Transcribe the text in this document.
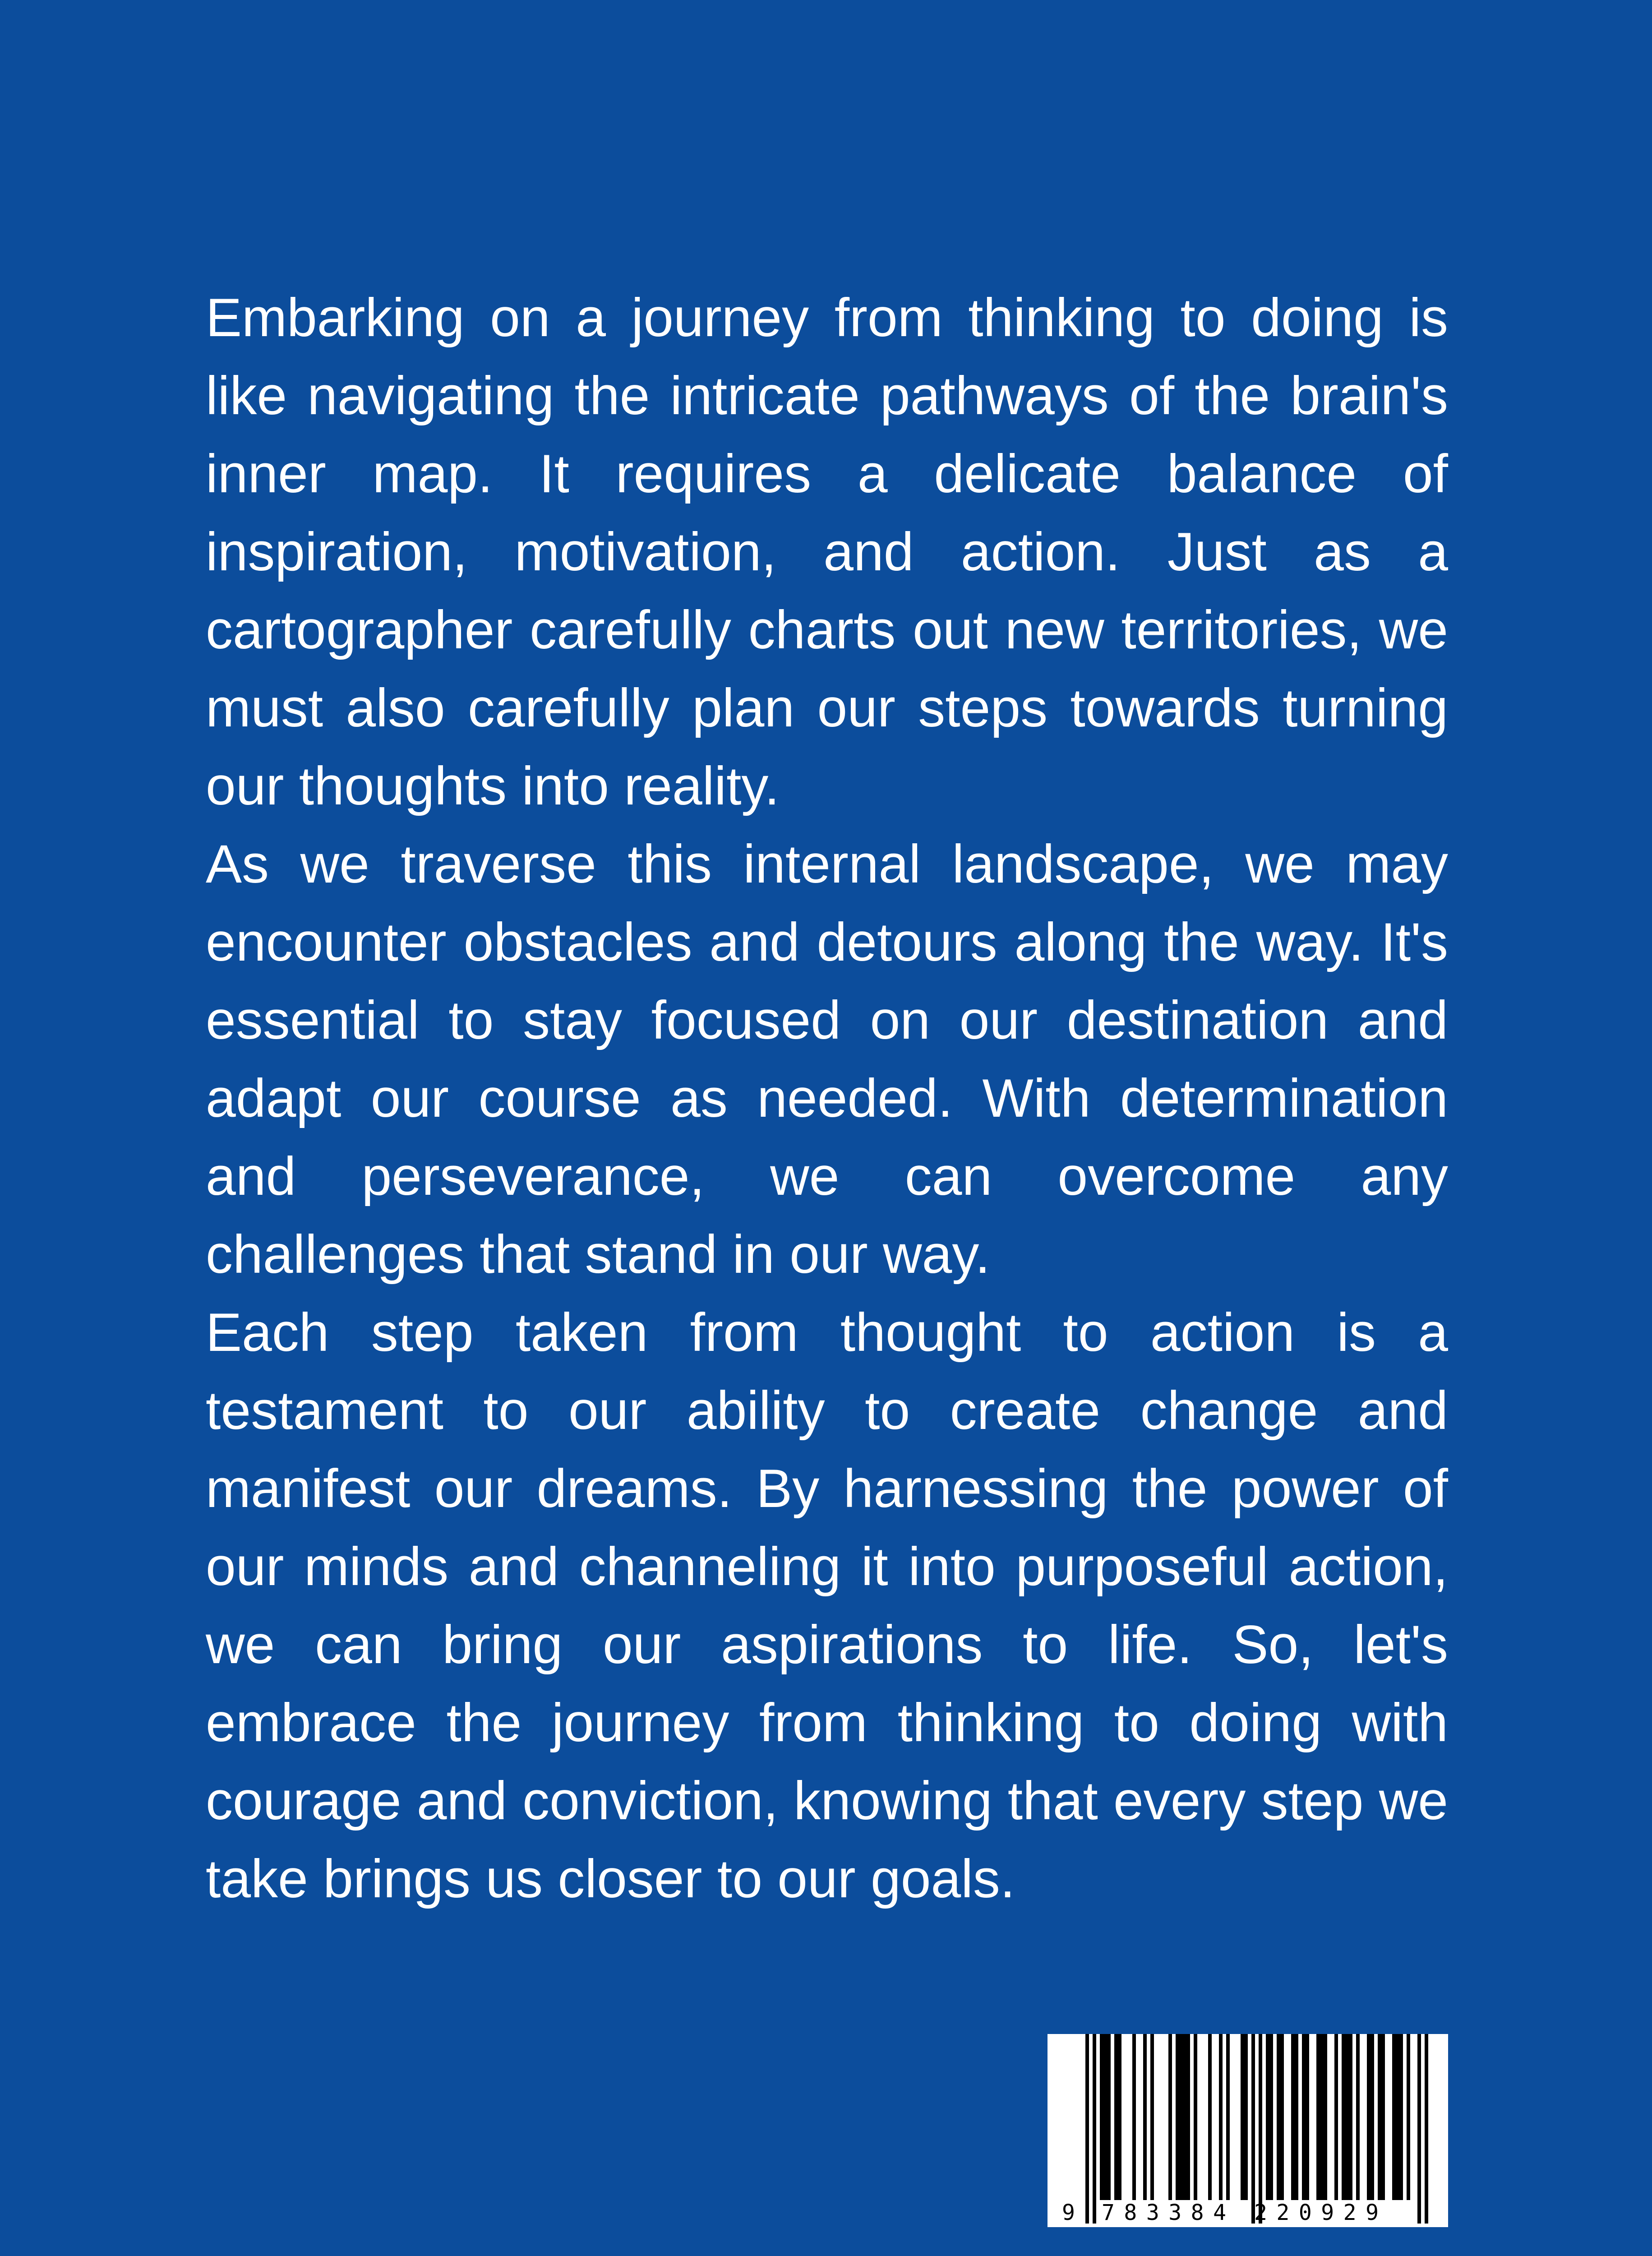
Embarking on a journey from thinking to doing is like navigating the intricate pathways of the brain's inner map. It requires a delicate balance of inspiration, motivation, and action. Just as a cartographer carefully charts out new territories, we must also carefully plan our steps towards turning our thoughts into reality.

As we traverse this internal landscape, we may encounter obstacles and detours along the way. It's essential to stay focused on our destination and adapt our course as needed. With determination and perseverance, we can overcome any challenges that stand in our way.

Each step taken from thought to action is a testament to our ability to create change and manifest our dreams. By harnessing the power of our minds and channeling it into purposeful action, we can bring our aspirations to life. So, let's embrace the journey from thinking to doing with courage and conviction, knowing that every step we take brings us closer to our goals.

9 783384 220929
